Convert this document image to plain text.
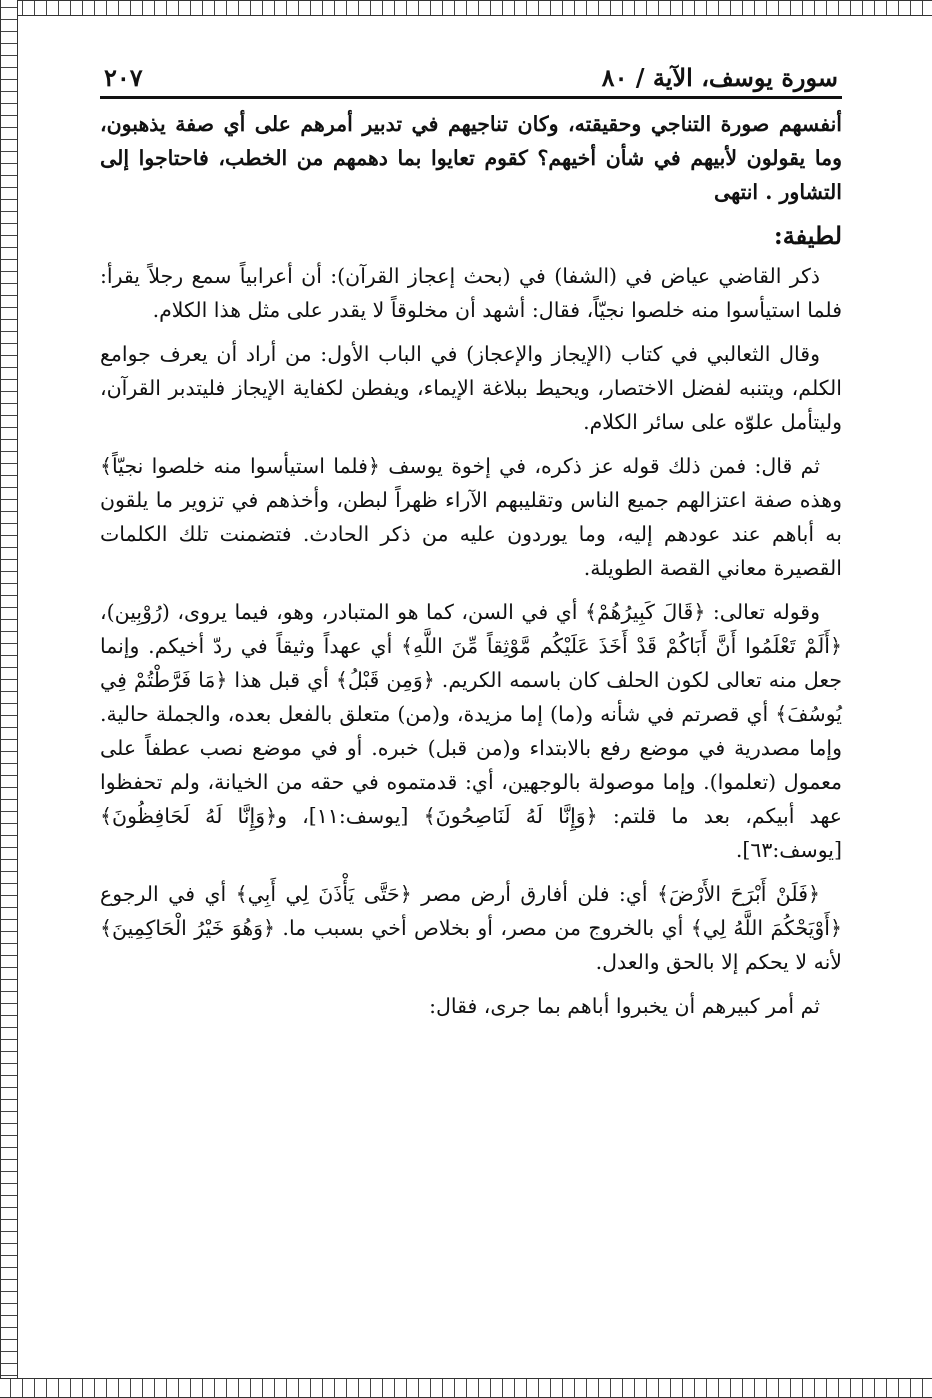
سورة يوسف، الآية / ٨٠
٢٠٧

أنفسهم صورة التناجي وحقيقته، وكان تناجيهم في تدبير أمرهم على أي صفة يذهبون، وما يقولون لأبيهم في شأن أخيهم؟ كقوم تعايوا بما دهمهم من الخطب، فاحتاجوا إلى التشاور . انتهى

لطيفة:

ذكر القاضي عياض في (الشفا) في (بحث إعجاز القرآن): أن أعرابياً سمع رجلاً يقرأ: فلما استيأسوا منه خلصوا نجيّاً، فقال: أشهد أن مخلوقاً لا يقدر على مثل هذا الكلام.

وقال الثعالبي في كتاب (الإيجاز والإعجاز) في الباب الأول: من أراد أن يعرف جوامع الكلم، ويتنبه لفضل الاختصار، ويحيط ببلاغة الإيماء، ويفطن لكفاية الإيجاز فليتدبر القرآن، وليتأمل علوّه على سائر الكلام.

ثم قال: فمن ذلك قوله عز ذكره، في إخوة يوسف ﴿فلما استيأسوا منه خلصوا نجيّاً﴾ وهذه صفة اعتزالهم جميع الناس وتقليبهم الآراء ظهراً لبطن، وأخذهم في تزوير ما يلقون به أباهم عند عودهم إليه، وما يوردون عليه من ذكر الحادث. فتضمنت تلك الكلمات القصيرة معاني القصة الطويلة.

وقوله تعالى: ﴿قَالَ كَبِيرُهُمْ﴾ أي في السن، كما هو المتبادر، وهو، فيما يروى، (رُوْبِين)، ﴿أَلَمْ تَعْلَمُوا أَنَّ أَبَاكُمْ قَدْ أَخَذَ عَلَيْكُم مَّوْثِقاً مِّنَ اللَّهِ﴾ أي عهداً وثيقاً في ردّ أخيكم. وإنما جعل منه تعالى لكون الحلف كان باسمه الكريم. ﴿وَمِن قَبْلُ﴾ أي قبل هذا ﴿مَا فَرَّطْتُمْ فِي يُوسُفَ﴾ أي قصرتم في شأنه و(ما) إما مزيدة، و(من) متعلق بالفعل بعده، والجملة حالية. وإما مصدرية في موضع رفع بالابتداء و(من قبل) خبره. أو في موضع نصب عطفاً على معمول (تعلموا). وإما موصولة بالوجهين، أي: قدمتموه في حقه من الخيانة، ولم تحفظوا عهد أبيكم، بعد ما قلتم: ﴿وَإِنَّا لَهُ لَنَاصِحُونَ﴾ [يوسف:١١]، و﴿وَإِنَّا لَهُ لَحَافِظُونَ﴾ [يوسف:٦٣].

﴿فَلَنْ أَبْرَحَ الأَرْضَ﴾ أي: فلن أفارق أرض مصر ﴿حَتَّى يَأْذَنَ لِي أَبِي﴾ أي في الرجوع ﴿أَوْيَحْكُمَ اللَّهُ لِي﴾ أي بالخروج من مصر، أو بخلاص أخي بسبب ما. ﴿وَهُوَ خَيْرُ الْحَاكِمِينَ﴾ لأنه لا يحكم إلا بالحق والعدل.

ثم أمر كبيرهم أن يخبروا أباهم بما جرى، فقال:
